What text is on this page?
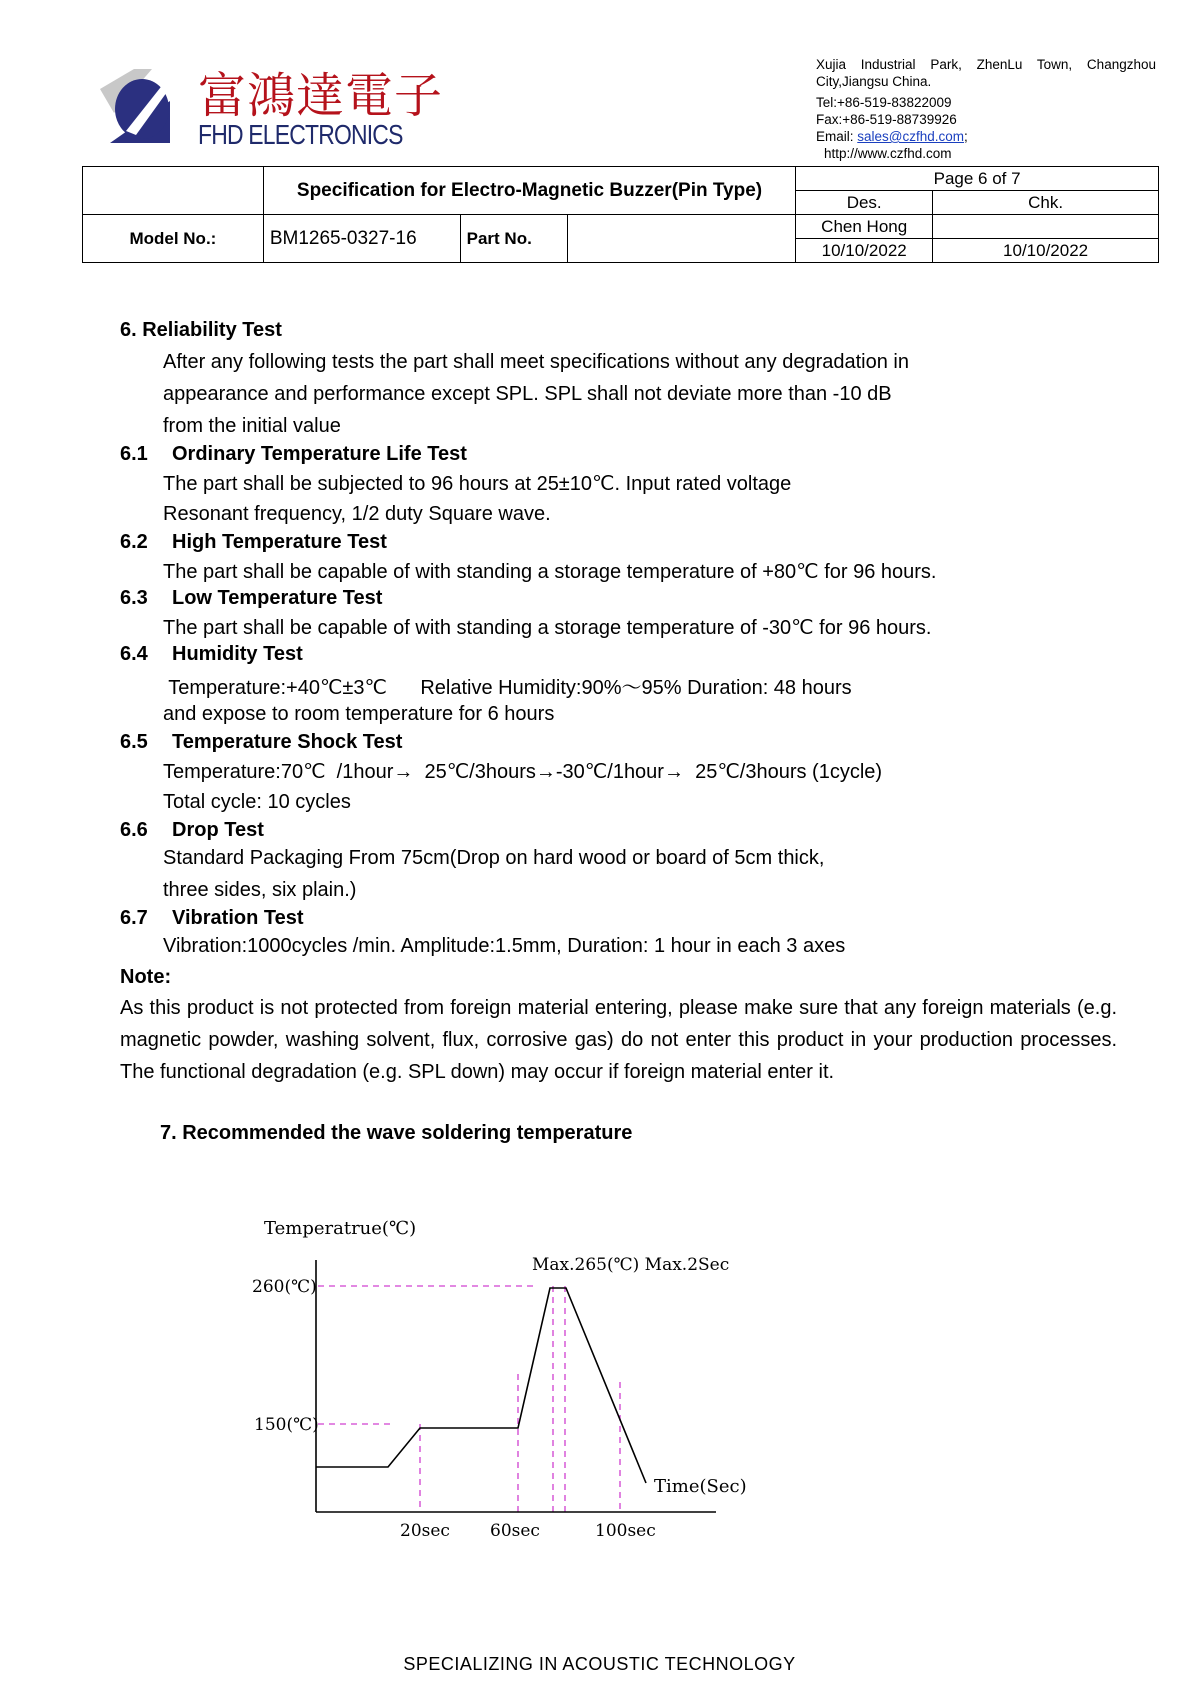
富鴻達電子
FHD ELECTRONICS
Xujia Industrial Park, ZhenLu Town, Changzhou City,Jiangsu China.
Tel:+86-519-83822009
Fax:+86-519-88739926
Email: sales@czfhd.com;
http://www.czfhd.com
	Specification for Electro-Magnetic Buzzer(Pin Type)			Page 6 of 7	
				Des.	Chk.
Model No.:	BM1265-0327-16	Part No.		Chen Hong	
				10/10/2022	10/10/2022
6. Reliability Test
After any following tests the part shall meet specifications without any degradation in
appearance and performance except SPL. SPL shall not deviate more than -10 dB
from the initial value
6.1 Ordinary Temperature Life Test
The part shall be subjected to 96 hours at 25±10℃. Input rated voltage
Resonant frequency, 1/2 duty Square wave.
6.2 High Temperature Test
The part shall be capable of with standing a storage temperature of +80℃ for 96 hours.
6.3 Low Temperature Test
The part shall be capable of with standing a storage temperature of -30℃ for 96 hours.
6.4 Humidity Test
Temperature:+40℃±3℃      Relative Humidity:90%～95% Duration: 48 hours
and expose to room temperature for 6 hours
6.5 Temperature Shock Test
Temperature:70℃  /1hour→  25℃/3hours→-30℃/1hour→  25℃/3hours (1cycle)
Total cycle: 10 cycles
6.6 Drop Test
Standard Packaging From 75cm(Drop on hard wood or board of 5cm thick,
three sides, six plain.)
6.7 Vibration Test
Vibration:1000cycles /min. Amplitude:1.5mm, Duration: 1 hour in each 3 axes
Note:
As this product is not protected from foreign material entering, please make sure that any foreign materials (e.g. magnetic powder, washing solvent, flux, corrosive gas) do not enter this product in your production processes. The functional degradation (e.g. SPL down) may occur if foreign material enter it.
7. Recommended the wave soldering temperature
Temperatrue(℃)
260(℃)
150(℃)
Max.265(℃) Max.2Sec
Time(Sec)
20sec 60sec	100sec
SPECIALIZING IN ACOUSTIC TECHNOLOGY
